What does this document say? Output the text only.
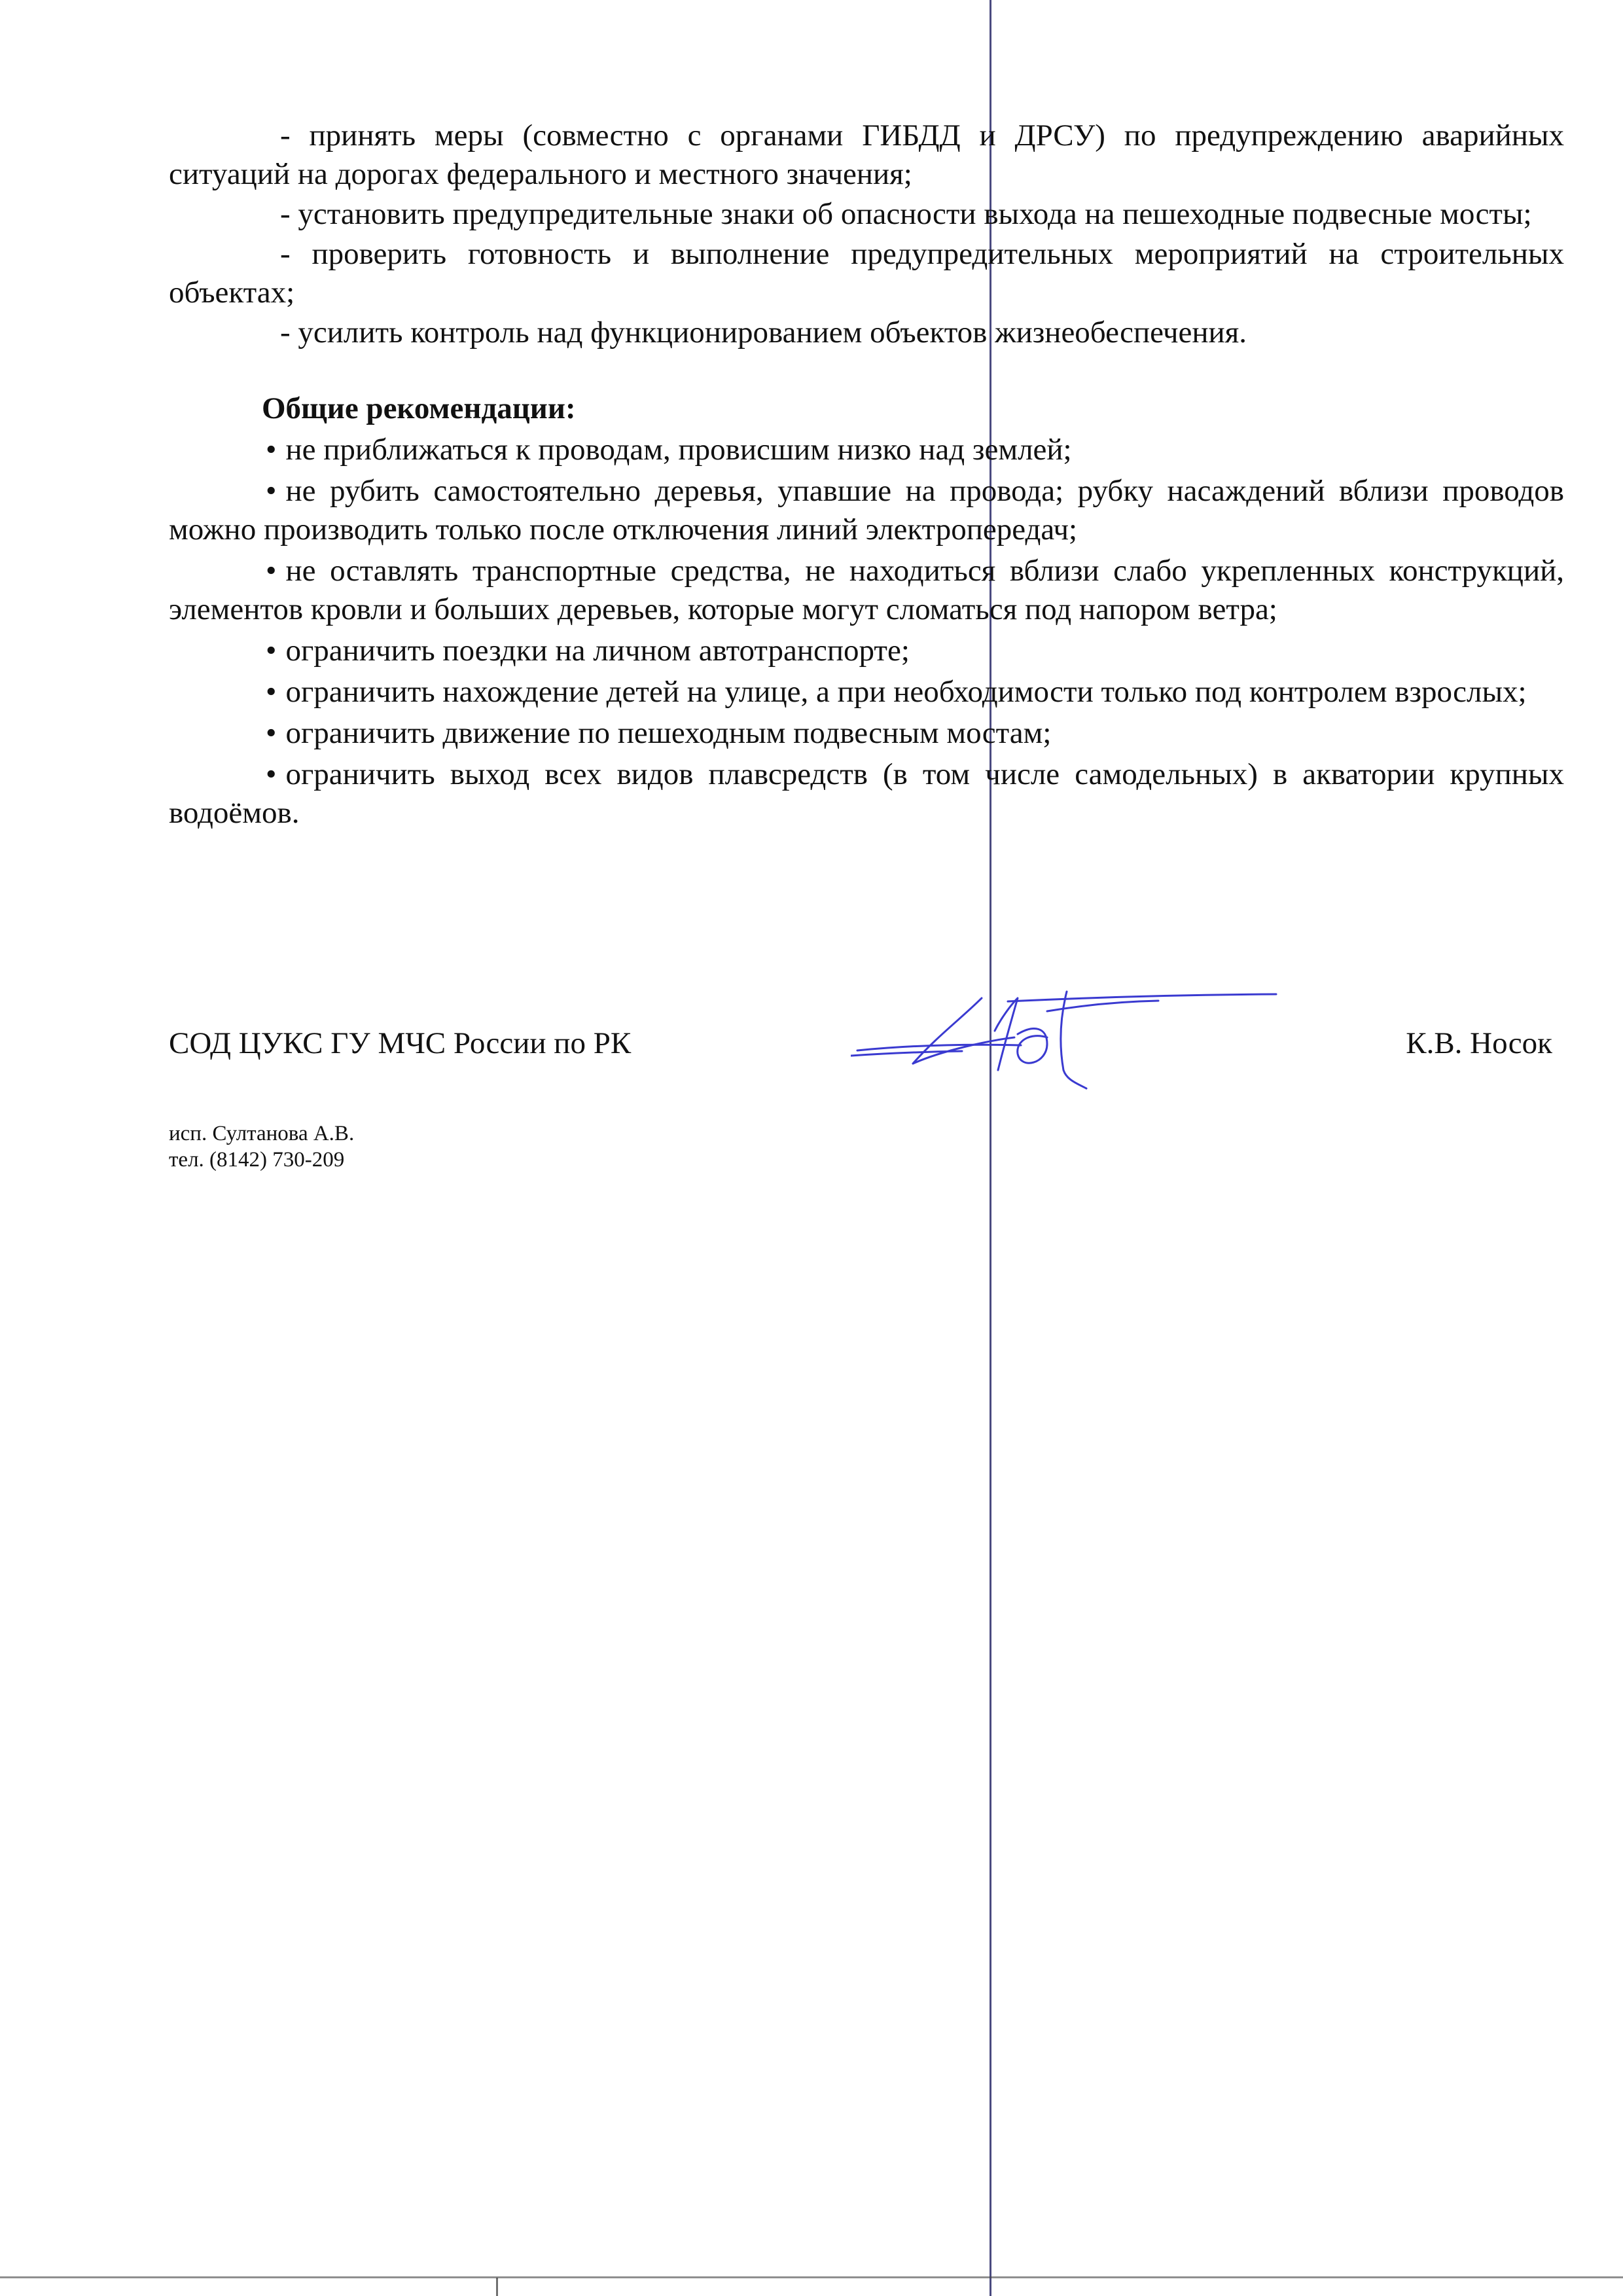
- принять меры (совместно с органами ГИБДД и ДРСУ) по предупреждению аварийных ситуаций на дорогах федерального и местного значения;

- установить предупредительные знаки об опасности выхода на пешеходные подвесные мосты;

- проверить готовность и выполнение предупредительных мероприятий на строительных объектах;

- усилить контроль над функционированием объектов жизнеобеспечения.

Общие рекомендации:

• не приближаться к проводам, провисшим низко над землей;

• не рубить самостоятельно деревья, упавшие на провода; рубку насаждений вблизи проводов можно производить только после отключения линий электропередач;

• не оставлять транспортные средства, не находиться вблизи слабо укрепленных конструкций, элементов кровли и больших деревьев, которые могут сломаться под напором ветра;

• ограничить поездки на личном автотранспорте;

• ограничить нахождение детей на улице, а при необходимости только под контролем взрослых;

• ограничить движение по пешеходным подвесным мостам;

• ограничить выход всех видов плавсредств (в том числе самодельных) в акватории крупных водоёмов.

СОД ЦУКС ГУ МЧС России по РК	К.В. Носок
исп. Султанова А.В.
тел. (8142) 730-209
